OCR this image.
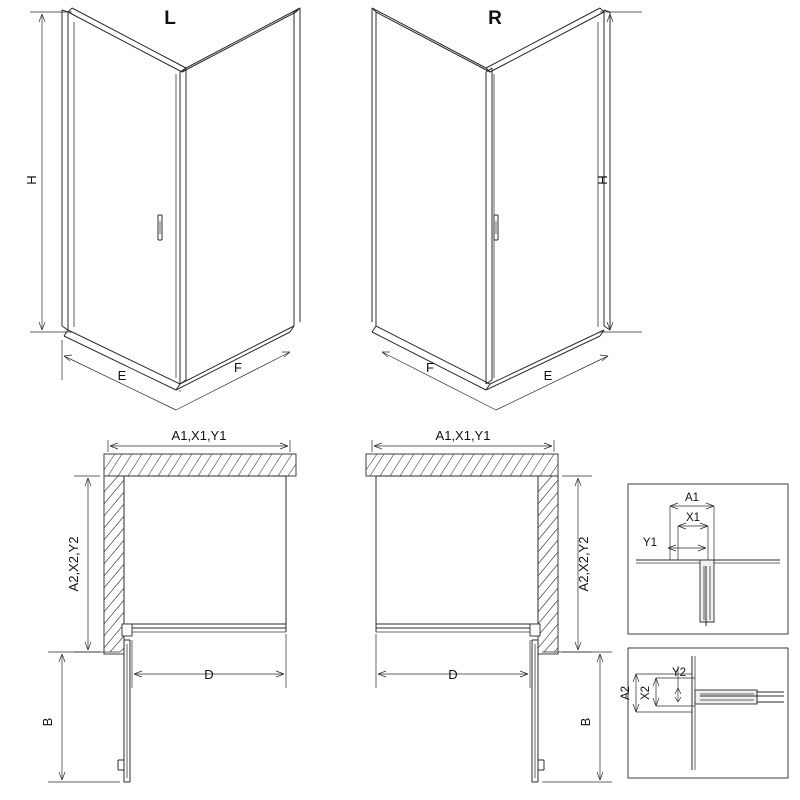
L
H
E
F
R
H
F
E
A1,X1,Y1
A2,X2,Y2
B
D
A1,X1,Y1
A2,X2,Y2
B
D
A1
X1
Y1
A2 X2
Y2
